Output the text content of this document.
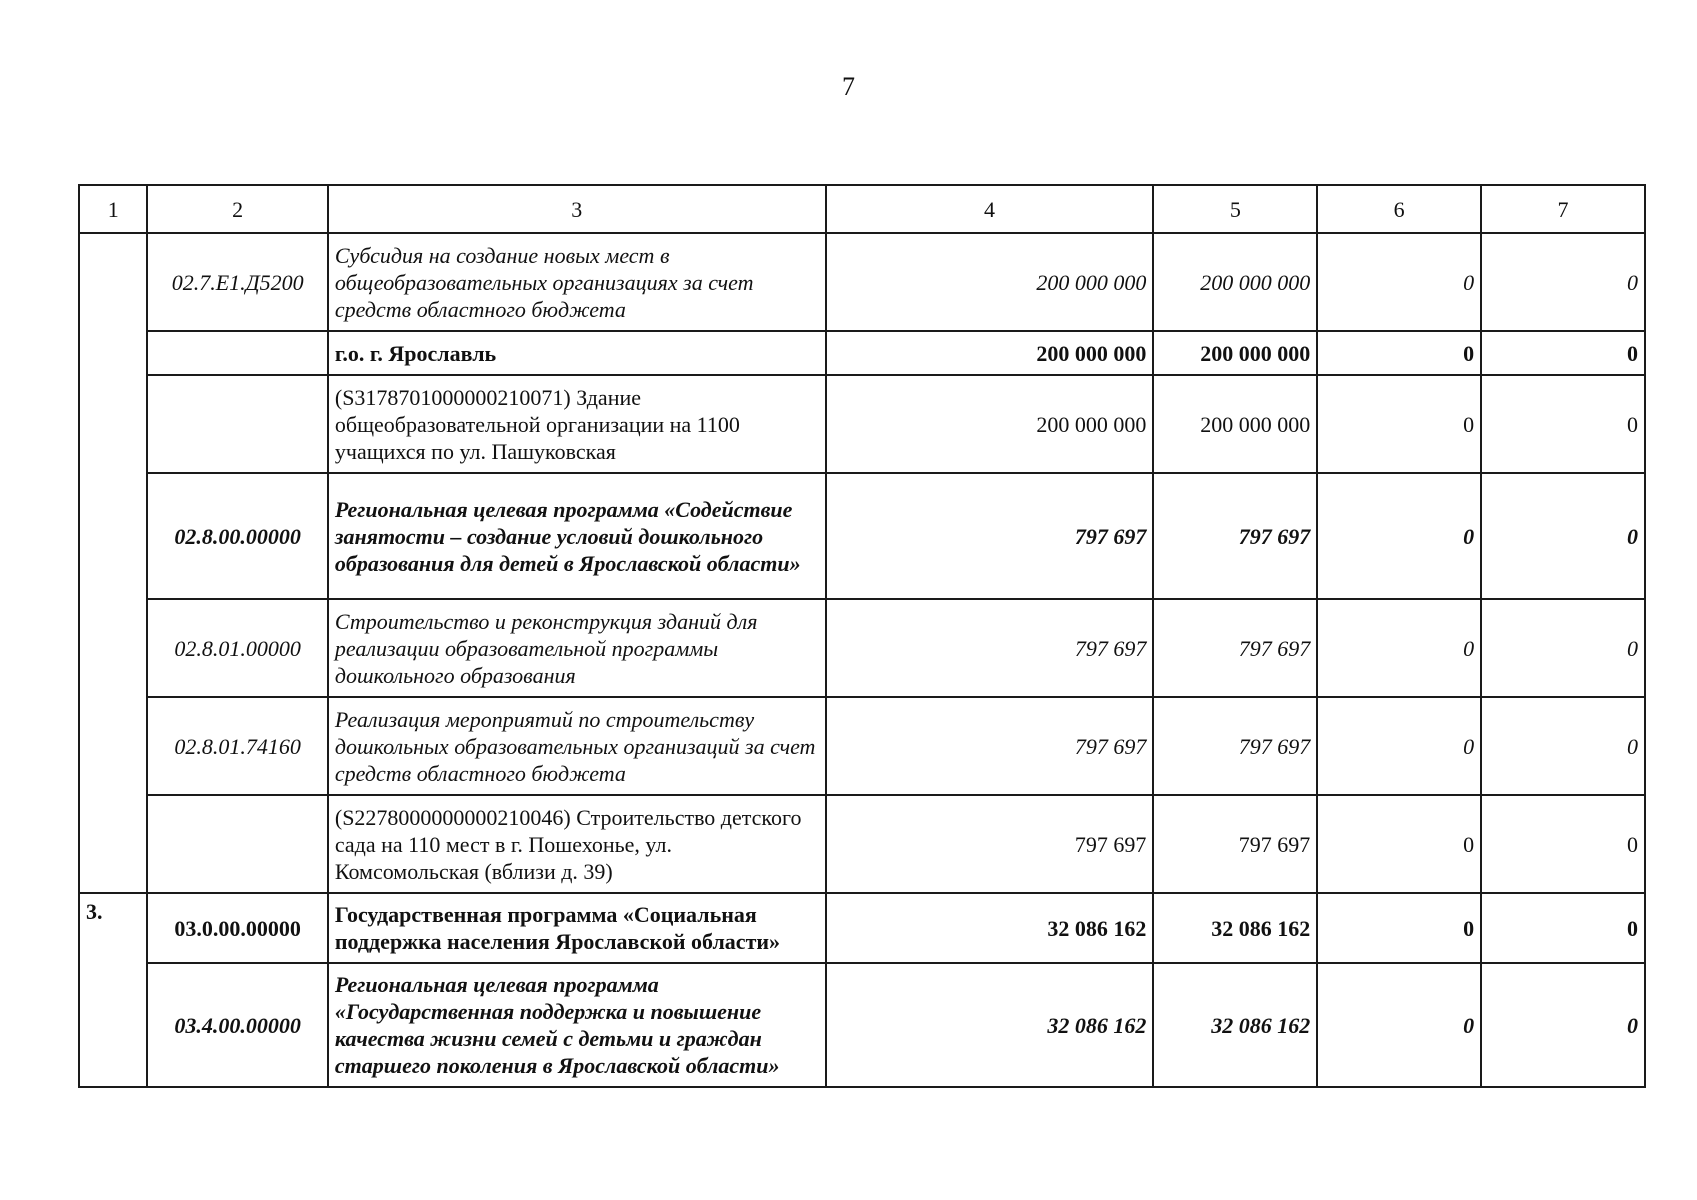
7
1	2	3	4	5	6	7
	02.7.E1.Д5200	Субсидия на создание новых мест в общеобразовательных организациях за счет средств областного бюджета	200 000 000	200 000 000	0	0
		г.о. г. Ярославль	200 000 000	200 000 000	0	0
		(S3178701000000210071) Здание общеобразовательной организации на 1100 учащихся по ул. Пашуковская	200 000 000	200 000 000	0	0
	02.8.00.00000	Региональная целевая программа «Содействие занятости – создание условий дошкольного образования для детей в Ярославской области»	797 697	797 697	0	0
	02.8.01.00000	Строительство и реконструкция зданий для реализации образовательной программы дошкольного образования	797 697	797 697	0	0
	02.8.01.74160	Реализация мероприятий по строительству дошкольных образовательных организаций за счет средств областного бюджета	797 697	797 697	0	0
		(S2278000000000210046) Строительство детского сада на 110 мест в г. Пошехонье, ул. Комсомольская (вблизи д. 39)	797 697	797 697	0	0
3.	03.0.00.00000	Государственная программа «Социальная поддержка населения Ярославской области»	32 086 162	32 086 162	0	0
	03.4.00.00000	Региональная целевая программа «Государственная поддержка и повышение качества жизни семей с детьми и граждан старшего поколения в Ярославской области»	32 086 162	32 086 162	0	0
